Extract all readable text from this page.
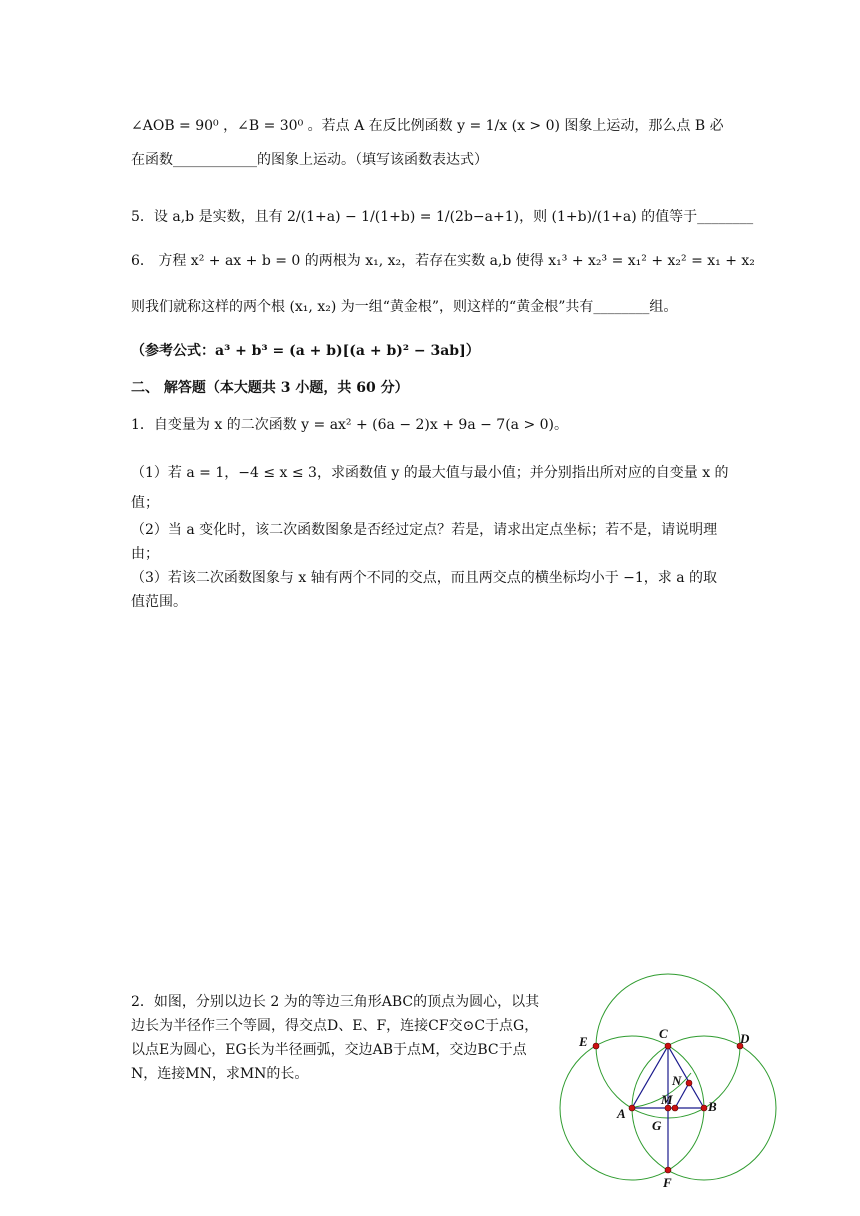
∠AOB = 90⁰ ，∠B = 30⁰ 。若点 A 在反比例函数 y = 1/x (x > 0) 图象上运动，那么点 B 必
在函数____________的图象上运动。（填写该函数表达式）
5．设 a,b 是实数，且有 2/(1+a) − 1/(1+b) = 1/(2b−a+1)，则 (1+b)/(1+a) 的值等于________
6． 方程 x² + ax + b = 0 的两根为 x₁, x₂，若存在实数 a,b 使得 x₁³ + x₂³ = x₁² + x₂² = x₁ + x₂
则我们就称这样的两个根 (x₁, x₂) 为一组“黄金根”，则这样的“黄金根”共有________组。
（参考公式：a³ + b³ = (a + b)[(a + b)² − 3ab]）
二、 解答题（本大题共 3 小题，共 60 分）
1．自变量为 x 的二次函数 y = ax² + (6a − 2)x + 9a − 7(a > 0)。
（1）若 a = 1，−4 ≤ x ≤ 3，求函数值 y 的最大值与最小值；并分别指出所对应的自变量 x 的值；
（2）当 a 变化时，该二次函数图象是否经过定点？若是，请求出定点坐标；若不是，请说明理由；
（3）若该二次函数图象与 x 轴有两个不同的交点，而且两交点的横坐标均小于 −1，求 a 的取值范围。
2．如图，分别以边长 2 为的等边三角形ABC的顶点为圆心，以其边长为半径作三个等圆，得交点D、E、F，连接CF交⊙C于点G，以点E为圆心，EG长为半径画弧，交边AB于点M，交边BC于点N，连接MN，求MN的长。
A	B
C	D
E
F
G
M
N
